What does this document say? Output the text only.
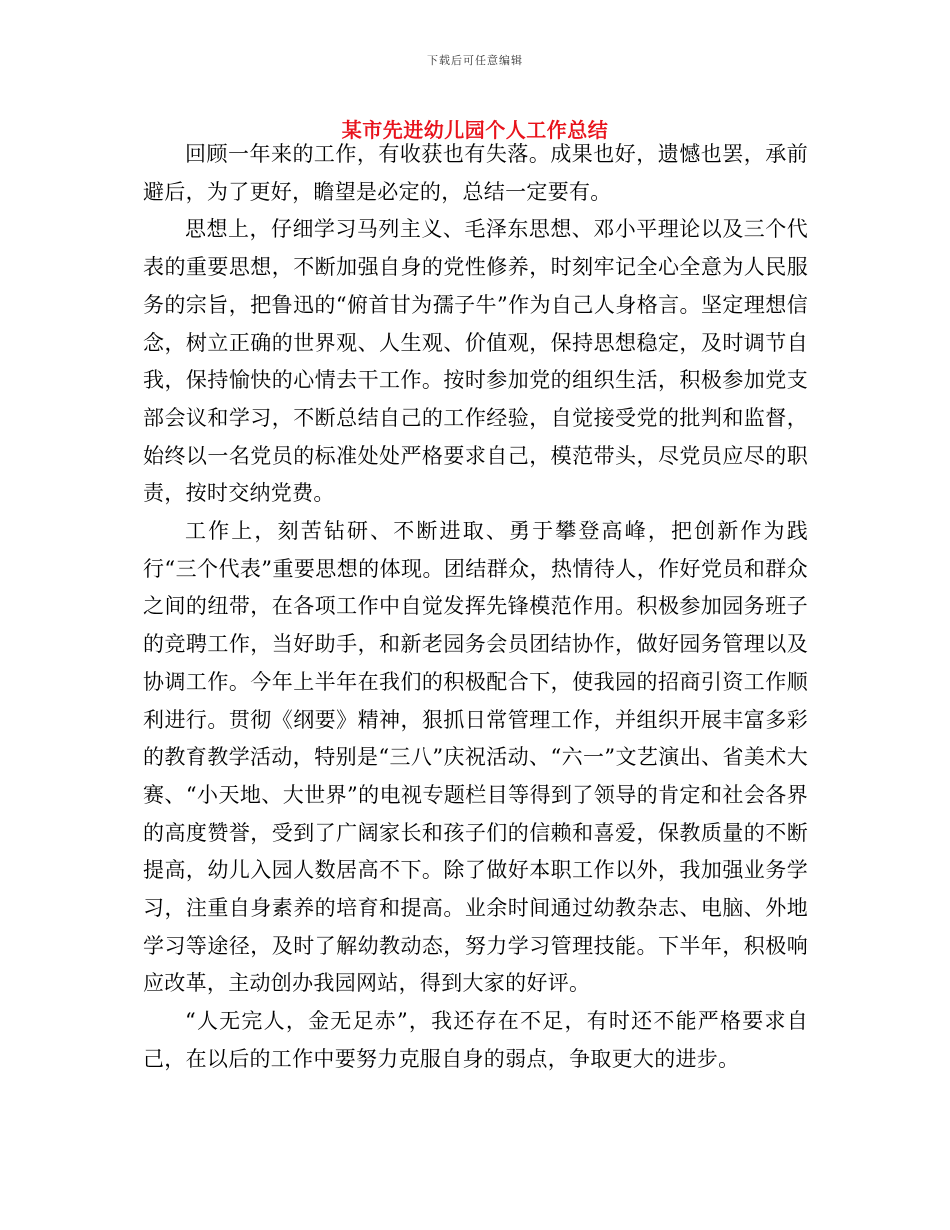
下载后可任意编辑
某市先进幼儿园个人工作总结

回顾一年来的工作，有收获也有失落。成果也好，遗憾也罢，承前避后，为了更好，瞻望是必定的，总结一定要有。

思想上，仔细学习马列主义、毛泽东思想、邓小平理论以及三个代表的重要思想，不断加强自身的党性修养，时刻牢记全心全意为人民服务的宗旨，把鲁迅的“俯首甘为孺子牛”作为自己人身格言。坚定理想信念，树立正确的世界观、人生观、价值观，保持思想稳定，及时调节自我，保持愉快的心情去干工作。按时参加党的组织生活，积极参加党支部会议和学习，不断总结自己的工作经验，自觉接受党的批判和监督，始终以一名党员的标准处处严格要求自己，模范带头，尽党员应尽的职责，按时交纳党费。

工作上，刻苦钻研、不断进取、勇于攀登高峰，把创新作为践行“三个代表”重要思想的体现。团结群众，热情待人，作好党员和群众之间的纽带，在各项工作中自觉发挥先锋模范作用。积极参加园务班子的竞聘工作，当好助手，和新老园务会员团结协作，做好园务管理以及协调工作。今年上半年在我们的积极配合下，使我园的招商引资工作顺利进行。贯彻《纲要》精神，狠抓日常管理工作，并组织开展丰富多彩的教育教学活动，特别是“三八”庆祝活动、“六一”文艺演出、省美术大赛、“小天地、大世界”的电视专题栏目等得到了领导的肯定和社会各界的高度赞誉，受到了广阔家长和孩子们的信赖和喜爱，保教质量的不断提高，幼儿入园人数居高不下。除了做好本职工作以外，我加强业务学习，注重自身素养的培育和提高。业余时间通过幼教杂志、电脑、外地学习等途径，及时了解幼教动态，努力学习管理技能。下半年，积极响应改革，主动创办我园网站，得到大家的好评。

“人无完人，金无足赤”，我还存在不足，有时还不能严格要求自己，在以后的工作中要努力克服自身的弱点，争取更大的进步。
